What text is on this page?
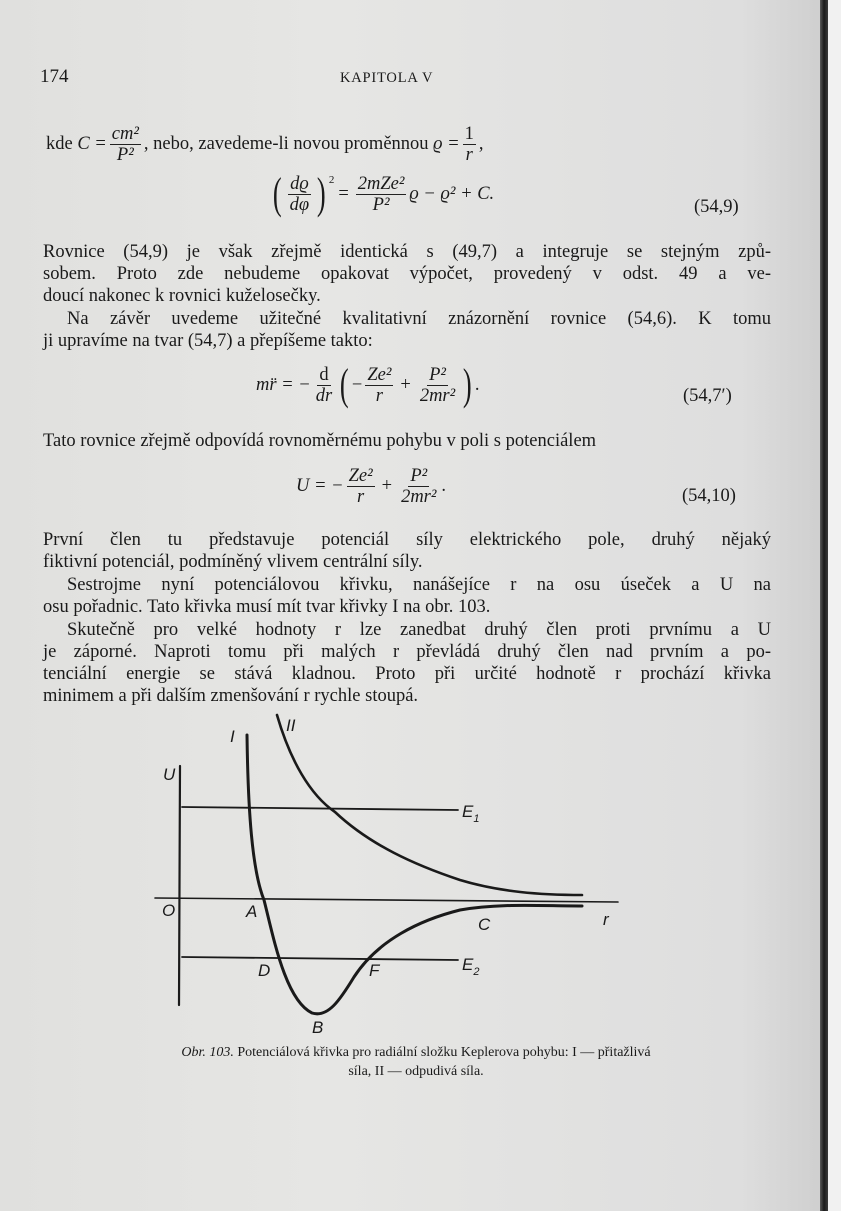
174	KAPITOLA V
kde
$C = \frac{\text{cm²}}{\text{P²}}$ , nebo, zavedeme-li novou proměnnou
$ϱ = \frac{1}{r}$ ,
( $\frac{dϱ}{d\varphi}$ ) 2
= $\frac{\text{2mZe²}}{\text{P²}}$ ϱ − ϱ² + C.
(54,9)
Rovnice (54,9) je však zřejmě identická s (49,7) a integruje se stejným způ-
sobem. Proto zde nebudeme opakovat výpočet, provedený v odst. 49 a ve-
doucí nakonec k rovnici kuželosečky.
Na závěr uvedeme užitečné kvalitativní znázornění rovnice (54,6). K tomu
ji upravíme na tvar (54,7) a přepíšeme takto:
mr̈ = − $\frac{d}{dr}$ ( − $\frac{\text{Ze²}}{r} + \frac{\text{P²}}{\text{2mr²}}$ ) .
(54,7′)
Tato rovnice zřejmě odpovídá rovnoměrnému pohybu v poli s potenciálem
U = − $\frac{\text{Ze²}}{r} + \frac{\text{P²}}{\text{2mr²}}$ .	(54,10)
První člen tu představuje potenciál síly elektrického pole, druhý nějaký
fiktivní potenciál, podmíněný vlivem centrální síly.
Sestrojme nyní potenciálovou křivku, nanášejíce r na osu úseček a U na
osu pořadnic. Tato křivka musí mít tvar křivky I na obr. 103.
Skutečně pro velké hodnoty r lze zanedbat druhý člen proti prvnímu a U
je záporné. Naproti tomu při malých r převládá druhý člen nad prvním a po-
tenciální energie se stává kladnou. Proto při určité hodnotě r prochází křivka
minimem a při dalším zmenšování r rychle stoupá.
U
O	r
I
II
$E_1$
$E_2$
A
B
C
D	F
Obr. 103. Potenciálová křivka pro radiální složku Keplerova pohybu: I — přitažlivá
síla, II — odpudivá síla.
